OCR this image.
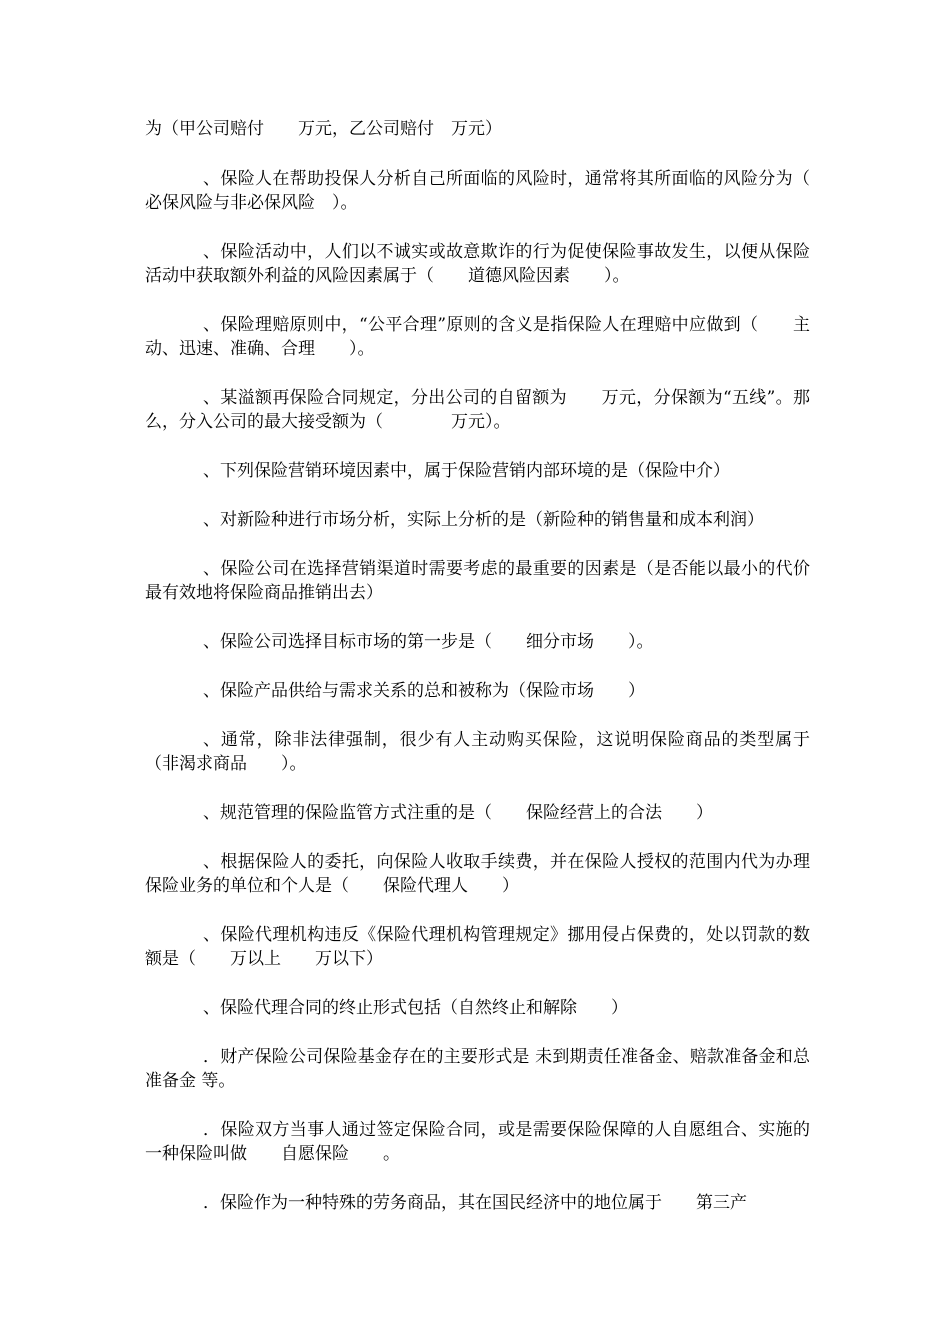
为（甲公司赔付　　万元，乙公司赔付　万元）

、保险人在帮助投保人分析自己所面临的风险时，通常将其所面临的风险分为（　必保风险与非必保风险　）。

、保险活动中，人们以不诚实或故意欺诈的行为促使保险事故发生，以便从保险活动中获取额外利益的风险因素属于（　　道德风险因素　　）。

、保险理赔原则中，“公平合理”原则的含义是指保险人在理赔中应做到（　　主动、迅速、准确、合理　　）。

、某溢额再保险合同规定，分出公司的自留额为　　万元，分保额为“五线”。那么，分入公司的最大接受额为（　　　　万元）。

、下列保险营销环境因素中，属于保险营销内部环境的是（保险中介）

、对新险种进行市场分析，实际上分析的是（新险种的销售量和成本利润）

、保险公司在选择营销渠道时需要考虑的最重要的因素是（是否能以最小的代价最有效地将保险商品推销出去）

、保险公司选择目标市场的第一步是（　　细分市场　　）。

、保险产品供给与需求关系的总和被称为（保险市场　　）

、通常，除非法律强制，很少有人主动购买保险，这说明保险商品的类型属于（非渴求商品　　）。

、规范管理的保险监管方式注重的是（　　保险经营上的合法　　）

、根据保险人的委托，向保险人收取手续费，并在保险人授权的范围内代为办理保险业务的单位和个人是（　　保险代理人　　）

、保险代理机构违反《保险代理机构管理规定》挪用侵占保费的，处以罚款的数额是（　　万以上　　万以下）

、保险代理合同的终止形式包括（自然终止和解除　　）

．财产保险公司保险基金存在的主要形式是 未到期责任准备金、赔款准备金和总准备金 等。

．保险双方当事人通过签定保险合同，或是需要保险保障的人自愿组合、实施的一种保险叫做　　自愿保险　　。

．保险作为一种特殊的劳务商品，其在国民经济中的地位属于　　第三产
